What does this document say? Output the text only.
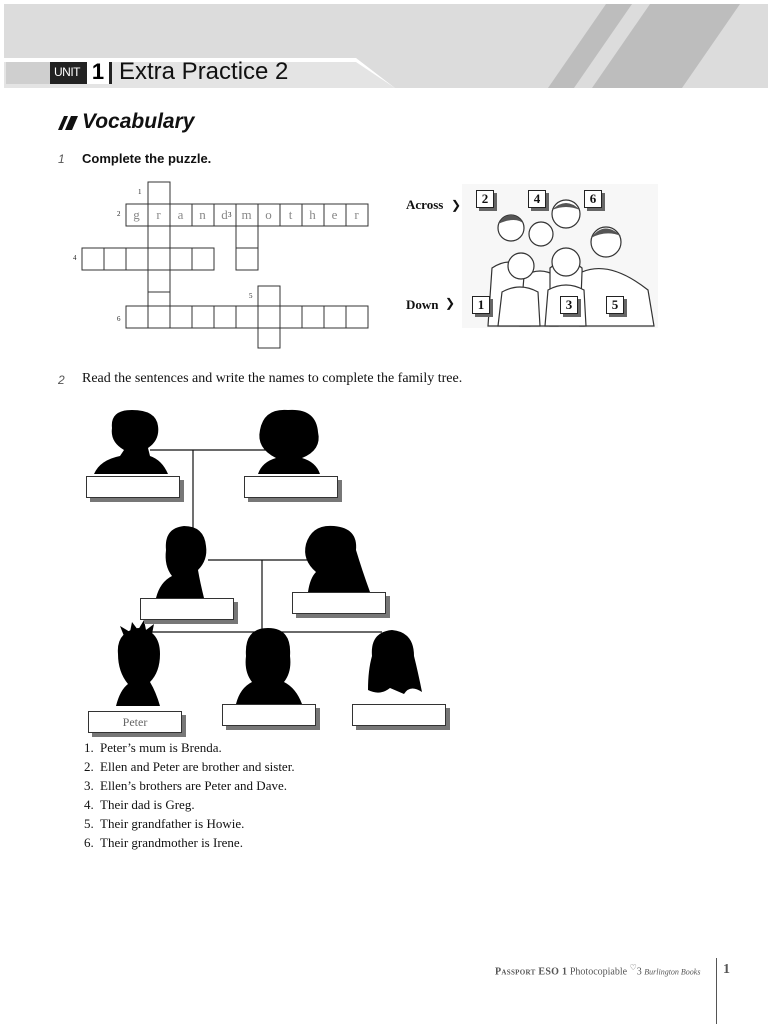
UNIT 1 Extra Practice 2
Vocabulary
1 Complete the puzzle.
1
2	3
4
5
6
g r a n d m o t h e r
Across ❯	2	4	6
Down ❯	1	3	5
2 Read the sentences and write the names to complete the family tree.
Peter
1. Peter’s mum is Brenda.
2. Ellen and Peter are brother and sister.
3. Ellen’s brothers are Peter and Dave.
4. Their dad is Greg.
5. Their grandfather is Howie.
6. Their grandmother is Irene.
Passport ESO 1 Photocopiable ♡3 Burlington Books 1
